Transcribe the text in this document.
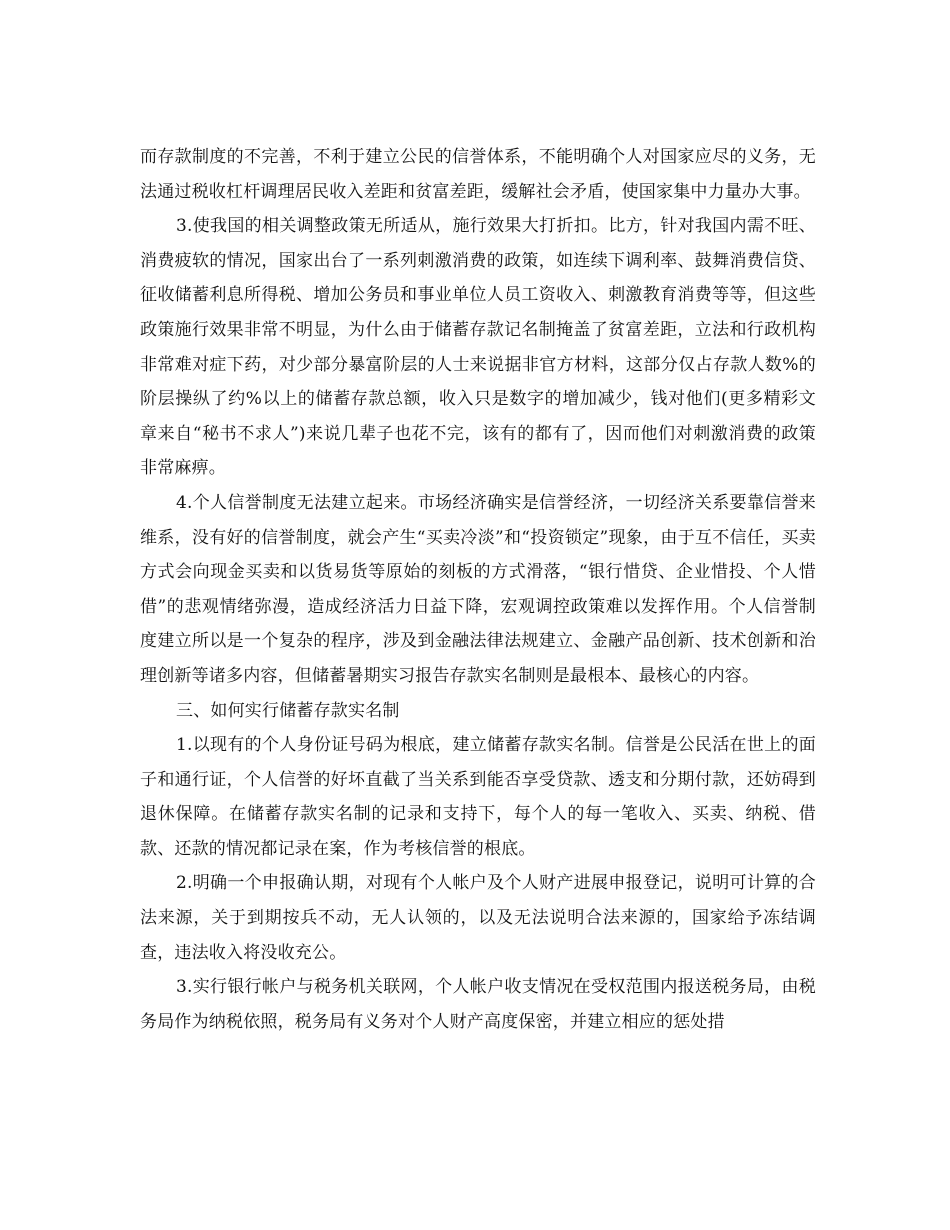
而存款制度的不完善，不利于建立公民的信誉体系，不能明确个人对国家应尽的义务，无法通过税收杠杆调理居民收入差距和贫富差距，缓解社会矛盾，使国家集中力量办大事。

3.使我国的相关调整政策无所适从，施行效果大打折扣。比方，针对我国内需不旺、消费疲软的情况，国家出台了一系列刺激消费的政策，如连续下调利率、鼓舞消费信贷、征收储蓄利息所得税、增加公务员和事业单位人员工资收入、刺激教育消费等等，但这些政策施行效果非常不明显，为什么由于储蓄存款记名制掩盖了贫富差距，立法和行政机构非常难对症下药，对少部分暴富阶层的人士来说据非官方材料，这部分仅占存款人数%的阶层操纵了约%以上的储蓄存款总额，收入只是数字的增加减少，钱对他们(更多精彩文章来自“秘书不求人”)来说几辈子也花不完，该有的都有了，因而他们对刺激消费的政策非常麻痹。

4.个人信誉制度无法建立起来。市场经济确实是信誉经济，一切经济关系要靠信誉来维系，没有好的信誉制度，就会产生“买卖冷淡”和“投资锁定”现象，由于互不信任，买卖方式会向现金买卖和以货易货等原始的刻板的方式滑落，“银行惜贷、企业惜投、个人惜借”的悲观情绪弥漫，造成经济活力日益下降，宏观调控政策难以发挥作用。个人信誉制度建立所以是一个复杂的程序，涉及到金融法律法规建立、金融产品创新、技术创新和治理创新等诸多内容，但储蓄暑期实习报告存款实名制则是最根本、最核心的内容。

三、如何实行储蓄存款实名制

1.以现有的个人身份证号码为根底，建立储蓄存款实名制。信誉是公民活在世上的面子和通行证，个人信誉的好坏直截了当关系到能否享受贷款、透支和分期付款，还妨碍到退休保障。在储蓄存款实名制的记录和支持下，每个人的每一笔收入、买卖、纳税、借款、还款的情况都记录在案，作为考核信誉的根底。

2.明确一个申报确认期，对现有个人帐户及个人财产进展申报登记，说明可计算的合法来源，关于到期按兵不动，无人认领的，以及无法说明合法来源的，国家给予冻结调查，违法收入将没收充公。

3.实行银行帐户与税务机关联网，个人帐户收支情况在受权范围内报送税务局，由税务局作为纳税依照，税务局有义务对个人财产高度保密，并建立相应的惩处措
